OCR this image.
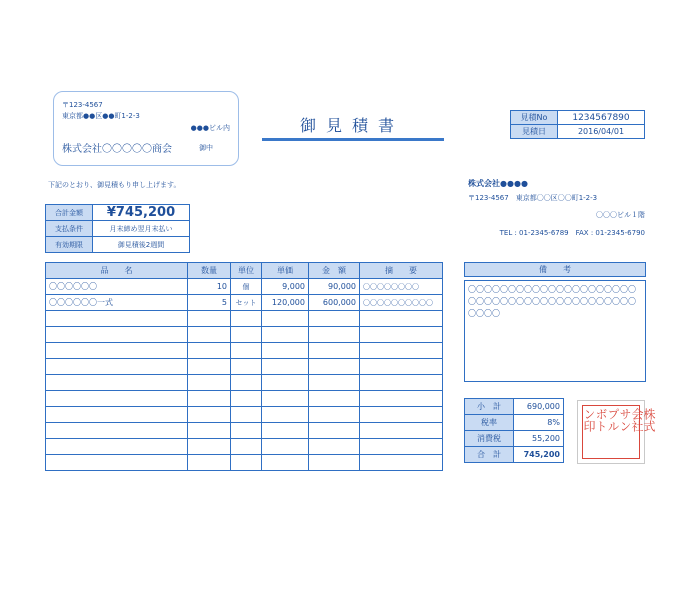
〒123-4567
東京都●●区●●町1-2-3
●●●ビル内
株式会社〇〇〇〇〇商会	御中
御見積書	見積No	1234567890
見積日	2016/04/01
下記のとおり、御見積もり申し上げます。	株式会社●●●●
〒123-4567　東京都〇〇区〇〇町1-2-3
〇〇〇ビル１階
TEL : 01-2345-6789　FAX : 01-2345-6790
合計金額	¥745,200
支払条件	月末締め翌月末払い
有効期限	御見積後2週間
品　　名	数量	単位	単価	金　額	摘　　要
〇〇〇〇〇〇	10	個	9,000	90,000	〇〇〇〇〇〇〇〇
〇〇〇〇〇〇一式	5	セット	120,000	600,000	〇〇〇〇〇〇〇〇〇〇

備　　考
〇〇〇〇〇〇〇〇〇〇〇〇〇〇〇〇〇〇〇〇〇〇〇〇〇〇〇〇〇〇〇〇〇〇〇〇〇〇〇〇〇〇〇〇〇〇
小　計	690,000
税率	8%
消費税	55,200
合　計	745,200
株式
会社
サン
プル
ボト
ン印
